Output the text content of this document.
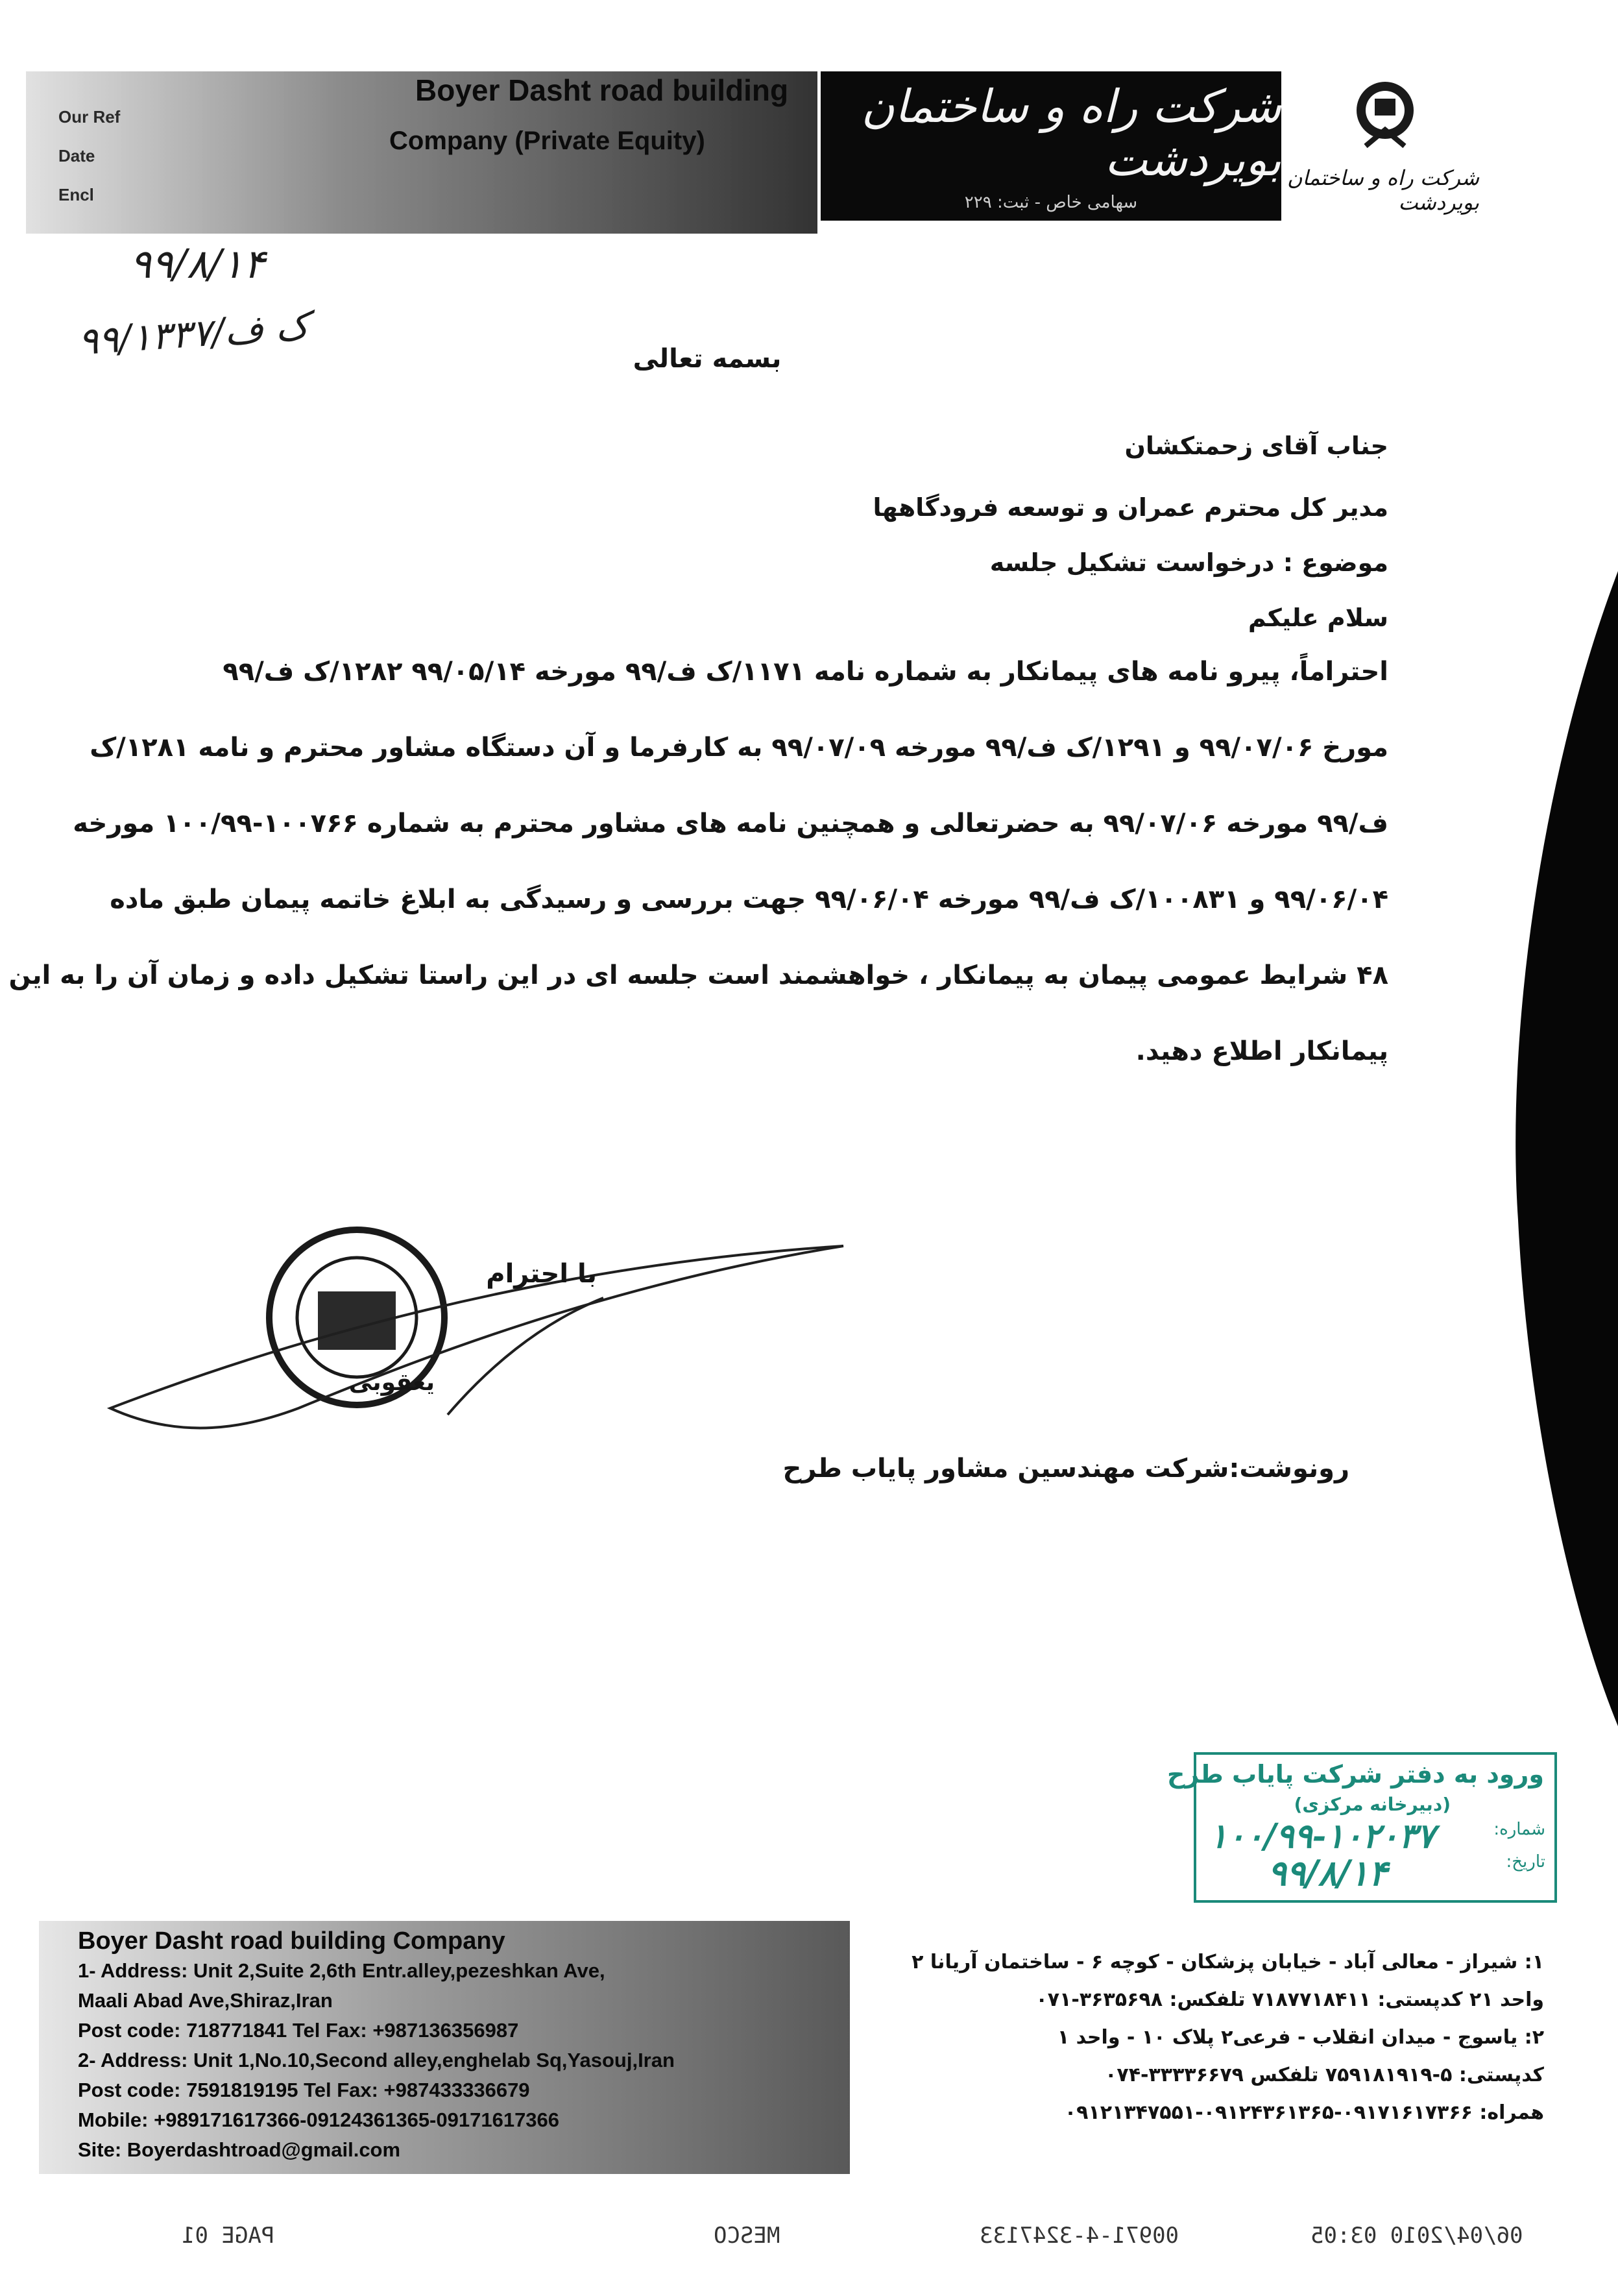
Our Ref
Date
Encl
Boyer Dasht road building
Company (Private Equity)
شرکت راه و ساختمان بویردشت
سهامی خاص - ثبت: ۲۲۹
شرکت راه و ساختمان بویردشت
۹۹/۸/۱۴
۹۹/ک ف/۱۳۳۷
بسمه تعالی
جناب آقای زحمتکشان
مدیر کل محترم عمران و توسعه فرودگاهها
موضوع : درخواست تشکیل جلسه
سلام علیکم
احتراماً، پیرو نامه های پیمانکار به شماره نامه ۱۱۷۱/ک ف/۹۹ مورخه ۹۹/۰۵/۱۴ ۱۲۸۲/ک ف/۹۹
مورخ ۹۹/۰۷/۰۶ و ۱۲۹۱/ک ف/۹۹ مورخه ۹۹/۰۷/۰۹ به کارفرما و آن دستگاه مشاور محترم و نامه ۱۲۸۱/ک
ف/۹۹ مورخه ۹۹/۰۷/۰۶ به حضرتعالی و همچنین نامه های مشاور محترم به شماره ۱۰۰۷۶۶-۱۰۰/۹۹ مورخه
۹۹/۰۶/۰۴ و ۱۰۰۸۳۱/ک ف/۹۹ مورخه ۹۹/۰۶/۰۴ جهت بررسی و رسیدگی به ابلاغ خاتمه پیمان طبق ماده
۴۸ شرایط عمومی پیمان به پیمانکار ، خواهشمند است جلسه ای در این راستا تشکیل داده و زمان آن را به این
پیمانکار اطلاع دهید.
با احترام
یعقوبی
رونوشت:شرکت مهندسین مشاور پایاب طرح
ورود به دفتر شرکت پایاب طرح
(دبیرخانه مرکزی)
شماره:
تاریخ:
۱۰۰/۹۹-۱۰۲۰۳۷
۹۹/۸/۱۴
Boyer Dasht road building Company
1- Address: Unit 2,Suite 2,6th Entr.alley,pezeshkan Ave,
Maali Abad Ave,Shiraz,Iran
Post code: 718771841 Tel Fax: +987136356987
2- Address: Unit 1,No.10,Second alley,enghelab Sq,Yasouj,Iran
Post code: 7591819195 Tel Fax: +987433336679
Mobile: +989171617366-09124361365-09171617366
Site: Boyerdashtroad@gmail.com
۱: شیراز - معالی آباد - خیابان پزشکان - کوچه ۶ - ساختمان آریانا ۲
واحد ۲۱ کدپستی: ۷۱۸۷۷۱۸۴۱۱ تلفکس: ۳۶۳۵۶۹۸-۰۷۱
۲: یاسوج - میدان انقلاب - فرعی۲ پلاک ۱۰ - واحد ۱
کدپستی: ۵-۷۵۹۱۸۱۹۱۹ تلفکس ۳۳۳۳۶۶۷۹-۰۷۴
همراه: ۰۹۱۷۱۶۱۷۳۶۶-۰۹۱۲۴۳۶۱۳۶۵-۰۹۱۲۱۳۴۷۵۵۱
PAGE 01	MESCO	00971-4-3247133	06/04/2010 03:05
